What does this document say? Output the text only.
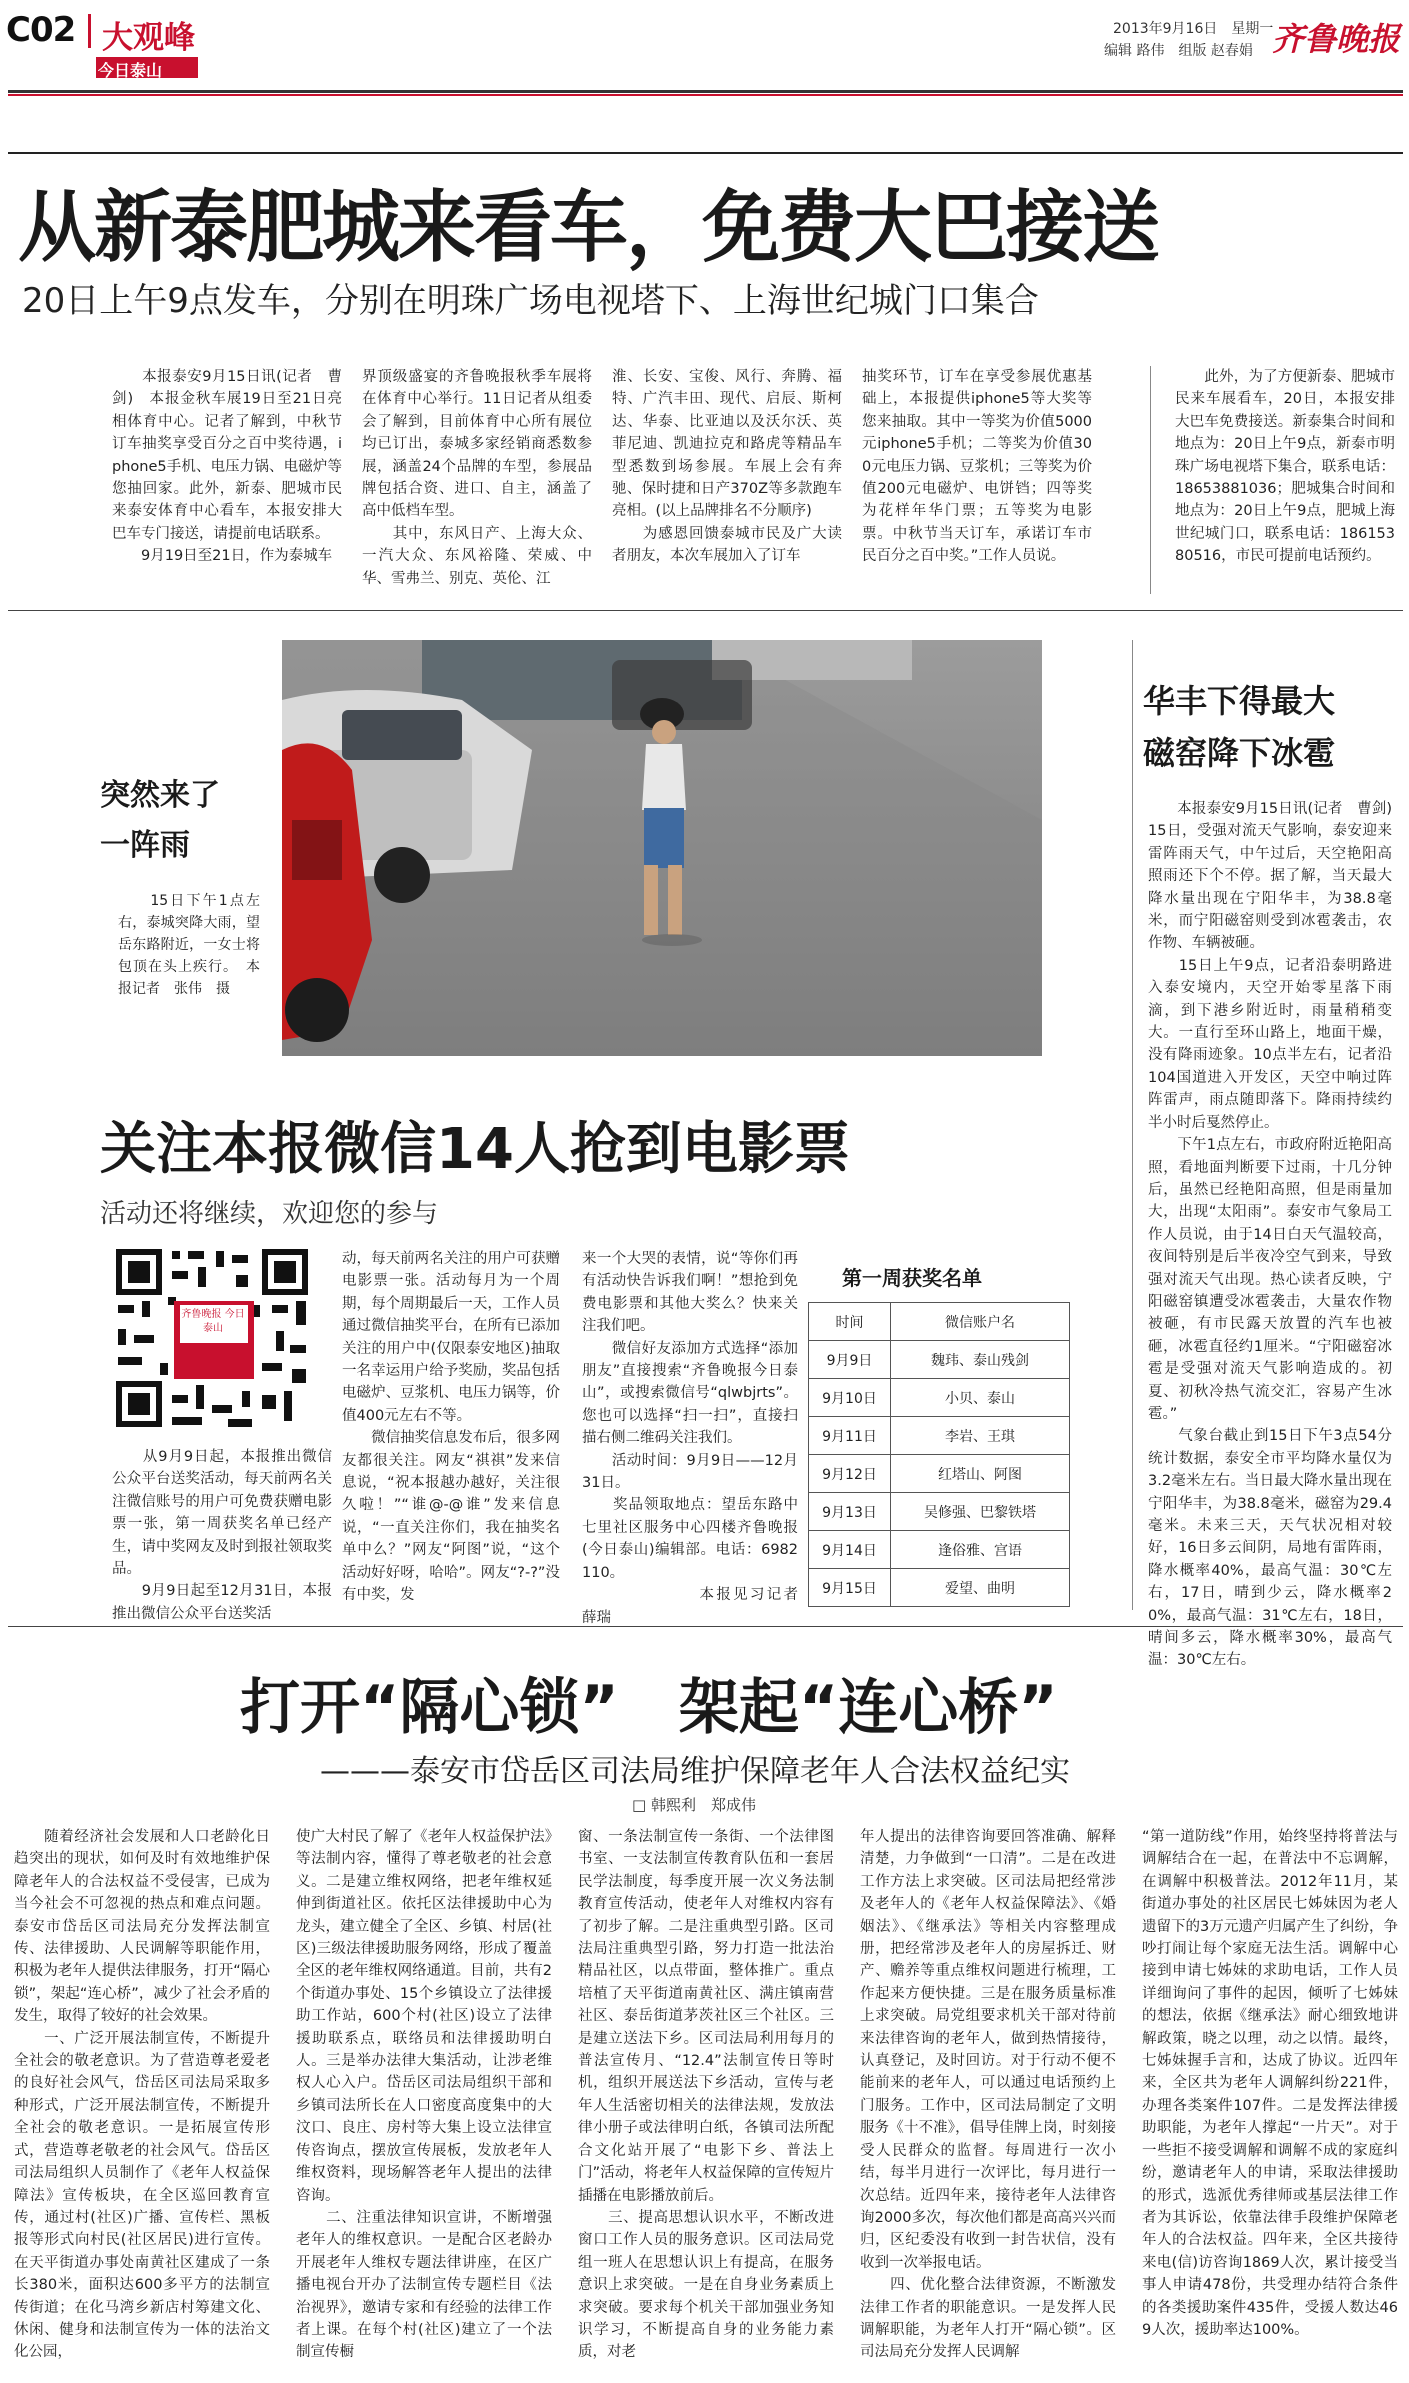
C02 大观峰
今日泰山
2013年9月16日　 星期一
编辑 路伟　组版 赵春娟 齐鲁晚报
从新泰肥城来看车，免费大巴接送
20日上午9点发车，分别在明珠广场电视塔下、上海世纪城门口集合
　　本报泰安9月15日讯(记者　曹剑)　本报金秋车展19日至21日亮相体育中心。记者了解到，中秋节订车抽奖享受百分之百中奖待遇，iphone5手机、电压力锅、电磁炉等您抽回家。此外，新泰、肥城市民来泰安体育中心看车，本报安排大巴车专门接送，请提前电话联系。
　　9月19日至21日，作为泰城车
界顶级盛宴的齐鲁晚报秋季车展将在体育中心举行。11日记者从组委会了解到，目前体育中心所有展位均已订出，泰城多家经销商悉数参展，涵盖24个品牌的车型，参展品牌包括合资、进口、自主，涵盖了高中低档车型。
　　其中，东风日产、上海大众、一汽大众、东风裕隆、荣威、中华、雪弗兰、别克、英伦、江
淮、长安、宝俊、风行、奔腾、福特、广汽丰田、现代、启辰、斯柯达、华泰、比亚迪以及沃尔沃、英菲尼迪、凯迪拉克和路虎等精品车型悉数到场参展。车展上会有奔驰、保时捷和日产370Z等多款跑车亮相。(以上品牌排名不分顺序)
　　为感恩回馈泰城市民及广大读者朋友，本次车展加入了订车
抽奖环节，订车在享受参展优惠基础上，本报提供iphone5等大奖等您来抽取。其中一等奖为价值5000元iphone5手机；二等奖为价值300元电压力锅、豆浆机；三等奖为价值200元电磁炉、电饼铛；四等奖为花样年华门票；五等奖为电影票。中秋节当天订车，承诺订车市民百分之百中奖。”工作人员说。
　　此外，为了方便新泰、肥城市民来车展看车，20日，本报安排大巴车免费接送。新泰集合时间和地点为：20日上午9点，新泰市明珠广场电视塔下集合，联系电话：18653881036；肥城集合时间和地点为：20日上午9点，肥城上海世纪城门口，联系电话：18615380516，市民可提前电话预约。
突然来了
一阵雨
　　15日下午1点左右，泰城突降大雨，望岳东路附近，一女士将包顶在头上疾行。　本报记者　张伟　摄
华丰下得最大
磁窑降下冰雹
　　本报泰安9月15日讯(记者　曹剑)　15日，受强对流天气影响，泰安迎来雷阵雨天气，中午过后，天空艳阳高照雨还下个不停。据了解，当天最大降水量出现在宁阳华丰，为38.8毫米，而宁阳磁窑则受到冰雹袭击，农作物、车辆被砸。
　　15日上午9点，记者沿泰明路进入泰安境内，天空开始零星落下雨滴，到下港乡附近时，雨量稍稍变大。一直行至环山路上，地面干燥，没有降雨迹象。10点半左右，记者沿104国道进入开发区，天空中响过阵阵雷声，雨点随即落下。降雨持续约半小时后戛然停止。
　　下午1点左右，市政府附近艳阳高照，看地面判断要下过雨，十几分钟后，虽然已经艳阳高照，但是雨量加大，出现“太阳雨”。泰安市气象局工作人员说，由于14日白天气温较高，夜间特别是后半夜冷空气到来，导致强对流天气出现。热心读者反映，宁阳磁窑镇遭受冰雹袭击，大量农作物被砸，有市民露天放置的汽车也被砸，冰雹直径约1厘米。“宁阳磁窑冰雹是受强对流天气影响造成的。初夏、初秋冷热气流交汇，容易产生冰雹。”
　　气象台截止到15日下午3点54分统计数据，泰安全市平均降水量仅为3.2毫米左右。当日最大降水量出现在宁阳华丰，为38.8毫米，磁窑为29.4毫米。未来三天，天气状况相对较好，16日多云间阴，局地有雷阵雨，降水概率40%，最高气温：30℃左右，17日，晴到少云，降水概率20%，最高气温：31℃左右，18日，晴间多云，降水概率30%，最高气温：30℃左右。
关注本报微信14人抢到电影票
活动还将继续，欢迎您的参与
齐鲁晚报 今日泰山
　　从9月9日起，本报推出微信公众平台送奖活动，每天前两名关注微信账号的用户可免费获赠电影票一张，第一周获奖名单已经产生，请中奖网友及时到报社领取奖品。
　　9月9日起至12月31日，本报推出微信公众平台送奖活
动，每天前两名关注的用户可获赠电影票一张。活动每月为一个周期，每个周期最后一天，工作人员通过微信抽奖平台，在所有已添加关注的用户中(仅限泰安地区)抽取一名幸运用户给予奖励，奖品包括电磁炉、豆浆机、电压力锅等，价值400元左右不等。
　　微信抽奖信息发布后，很多网友都很关注。网友“祺祺”发来信息说，“祝本报越办越好，关注很久啦！”“谁@-@谁”发来信息说，“一直关注你们，我在抽奖名单中么？”网友“阿图”说，“这个活动好好呀，哈哈”。网友“?-?”没有中奖，发
来一个大哭的表情，说“等你们再有活动快告诉我们啊！”想抢到免费电影票和其他大奖么？快来关注我们吧。
　　微信好友添加方式选择“添加朋友”直接搜索“齐鲁晚报今日泰山”，或搜索微信号“qlwbjrts”。您也可以选择“扫一扫”，直接扫描右侧二维码关注我们。
　　活动时间：9月9日——12月31日。
　　奖品领取地点：望岳东路中七里社区服务中心四楼齐鲁晚报(今日泰山)编辑部。电话：6982110。
　　　　　　　本报见习记者　薛瑞
第一周获奖名单
时间	微信账户名
9月9日	魏玮、泰山残剑
9月10日	小贝、泰山
9月11日	李岩、王琪
9月12日	红塔山、阿图
9月13日	吴修强、巴黎铁塔
9月14日	逢俗雅、宫语
9月15日	爱望、曲明
打开“隔心锁”　架起“连心桥”
———泰安市岱岳区司法局维护保障老年人合法权益纪实
□ 韩熙利　郑成伟
　　随着经济社会发展和人口老龄化日趋突出的现状，如何及时有效地维护保障老年人的合法权益不受侵害，已成为当今社会不可忽视的热点和难点问题。泰安市岱岳区司法局充分发挥法制宣传、法律援助、人民调解等职能作用，积极为老年人提供法律服务，打开“隔心锁”，架起“连心桥”，减少了社会矛盾的发生，取得了较好的社会效果。
　　一、广泛开展法制宣传，不断提升全社会的敬老意识。为了营造尊老爱老的良好社会风气，岱岳区司法局采取多种形式，广泛开展法制宣传，不断提升全社会的敬老意识。一是拓展宣传形式，营造尊老敬老的社会风气。岱岳区司法局组织人员制作了《老年人权益保障法》宣传板块，在全区巡回教育宣传，通过村(社区)广播、宣传栏、黑板报等形式向村民(社区居民)进行宣传。在天平街道办事处南黄社区建成了一条长380米，面积达600多平方的法制宣传街道；在化马湾乡新店村筹建文化、休闲、健身和法制宣传为一体的法治文化公园，
使广大村民了解了《老年人权益保护法》等法制内容，懂得了尊老敬老的社会意义。二是建立维权网络，把老年维权延伸到街道社区。依托区法律援助中心为龙头，建立健全了全区、乡镇、村居(社区)三级法律援助服务网络，形成了覆盖全区的老年维权网络通道。目前，共有2个街道办事处、15个乡镇设立了法律援助工作站，600个村(社区)设立了法律援助联系点，联络员和法律援助明白人。三是举办法律大集活动，让涉老维权人心入户。岱岳区司法局组织干部和乡镇司法所长在人口密度高度集中的大汶口、良庄、房村等大集上设立法律宣传咨询点，摆放宣传展板，发放老年人维权资料，现场解答老年人提出的法律咨询。
　　二、注重法律知识宣讲，不断增强老年人的维权意识。一是配合区老龄办开展老年人维权专题法律讲座，在区广播电视台开办了法制宣传专题栏目《法治视界》，邀请专家和有经验的法律工作者上课。在每个村(社区)建立了一个法制宣传橱
窗、一条法制宣传一条街、一个法律图书室、一支法制宣传教育队伍和一套居民学法制度，每季度开展一次义务法制教育宣传活动，使老年人对维权内容有了初步了解。二是注重典型引路。区司法局注重典型引路，努力打造一批法治精品社区，以点带面，整体推广。重点培植了天平街道南黄社区、满庄镇南营社区、泰岳街道茅茨社区三个社区。三是建立送法下乡。区司法局利用每月的普法宣传月、“12.4”法制宣传日等时机，组织开展送法下乡活动，宣传与老年人生活密切相关的法律法规，发放法律小册子或法律明白纸，各镇司法所配合文化站开展了“电影下乡、普法上门”活动，将老年人权益保障的宣传短片插播在电影播放前后。
　　三、提高思想认识水平，不断改进窗口工作人员的服务意识。区司法局党组一班人在思想认识上有提高，在服务意识上求突破。一是在自身业务素质上求突破。要求每个机关干部加强业务知识学习，不断提高自身的业务能力素质，对老
年人提出的法律咨询要回答准确、解释清楚，力争做到“一口清”。二是在改进工作方法上求突破。区司法局把经常涉及老年人的《老年人权益保障法》、《婚姻法》、《继承法》等相关内容整理成册，把经常涉及老年人的房屋拆迁、财产、赡养等重点维权问题进行梳理，工作起来方便快捷。三是在服务质量标准上求突破。局党组要求机关干部对待前来法律咨询的老年人，做到热情接待，认真登记，及时回访。对于行动不便不能前来的老年人，可以通过电话预约上门服务。工作中，区司法局制定了文明服务《十不准》，倡导佳牌上岗，时刻接受人民群众的监督。每周进行一次小结，每半月进行一次评比，每月进行一次总结。近四年来，接待老年人法律咨询2000多次，每次他们都是高高兴兴而归，区纪委没有收到一封告状信，没有收到一次举报电话。
　　四、优化整合法律资源，不断激发法律工作者的职能意识。一是发挥人民调解职能，为老年人打开“隔心锁”。区司法局充分发挥人民调解
“第一道防线”作用，始终坚持将普法与调解结合在一起，在普法中不忘调解，在调解中积极普法。2012年11月，某街道办事处的社区居民七姊妹因为老人遗留下的3万元遗产归属产生了纠纷，争吵打闹让每个家庭无法生活。调解中心接到申请七姊妹的求助电话，工作人员详细询问了事件的起因，倾听了七姊妹的想法，依据《继承法》耐心细致地讲解政策，晓之以理，动之以情。最终，七姊妹握手言和，达成了协议。近四年来，全区共为老年人调解纠纷221件，办理各类案件107件。二是发挥法律援助职能，为老年人撑起“一片天”。对于一些拒不接受调解和调解不成的家庭纠纷，邀请老年人的申请，采取法律援助的形式，选派优秀律师或基层法律工作者为其诉讼，依靠法律手段维护保障老年人的合法权益。四年来，全区共接待来电(信)访咨询1869人次，累计接受当事人申请478份，共受理办结符合条件的各类援助案件435件，受援人数达469人次，援助率达100%。
